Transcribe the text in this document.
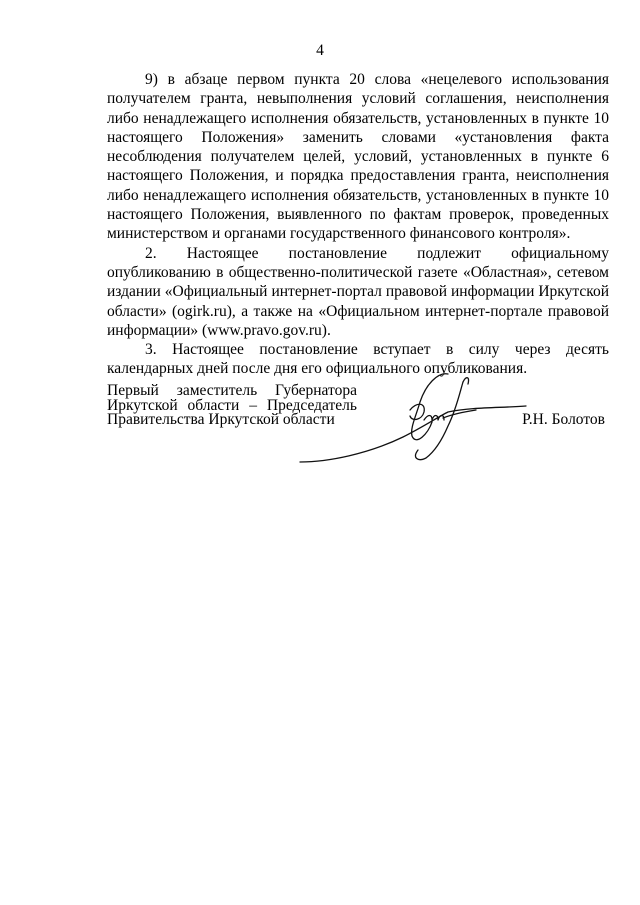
4

9) в абзаце первом пункта 20 слова «нецелевого использования получателем гранта, невыполнения условий соглашения, неисполнения либо ненадлежащего исполнения обязательств, установленных в пункте 10 настоящего Положения» заменить словами «установления факта несоблюдения получателем целей, условий, установленных в пункте 6 настоящего Положения, и порядка предоставления гранта, неисполнения либо ненадлежащего исполнения обязательств, установленных в пункте 10 настоящего Положения, выявленного по фактам проверок, проведенных министерством и органами государственного финансового контроля».

2. Настоящее постановление подлежит официальному опубликованию в общественно-политической газете «Областная», сетевом издании «Официальный интернет-портал правовой информации Иркутской области» (ogirk.ru), а также на «Официальном интернет-портале правовой информации» (www.pravo.gov.ru).

3. Настоящее постановление вступает в силу через десять календарных дней после дня его официального опубликования.

Первый заместитель Губернатора
Иркутской области – Председатель
Правительства Иркутской области	Р.Н. Болотов
